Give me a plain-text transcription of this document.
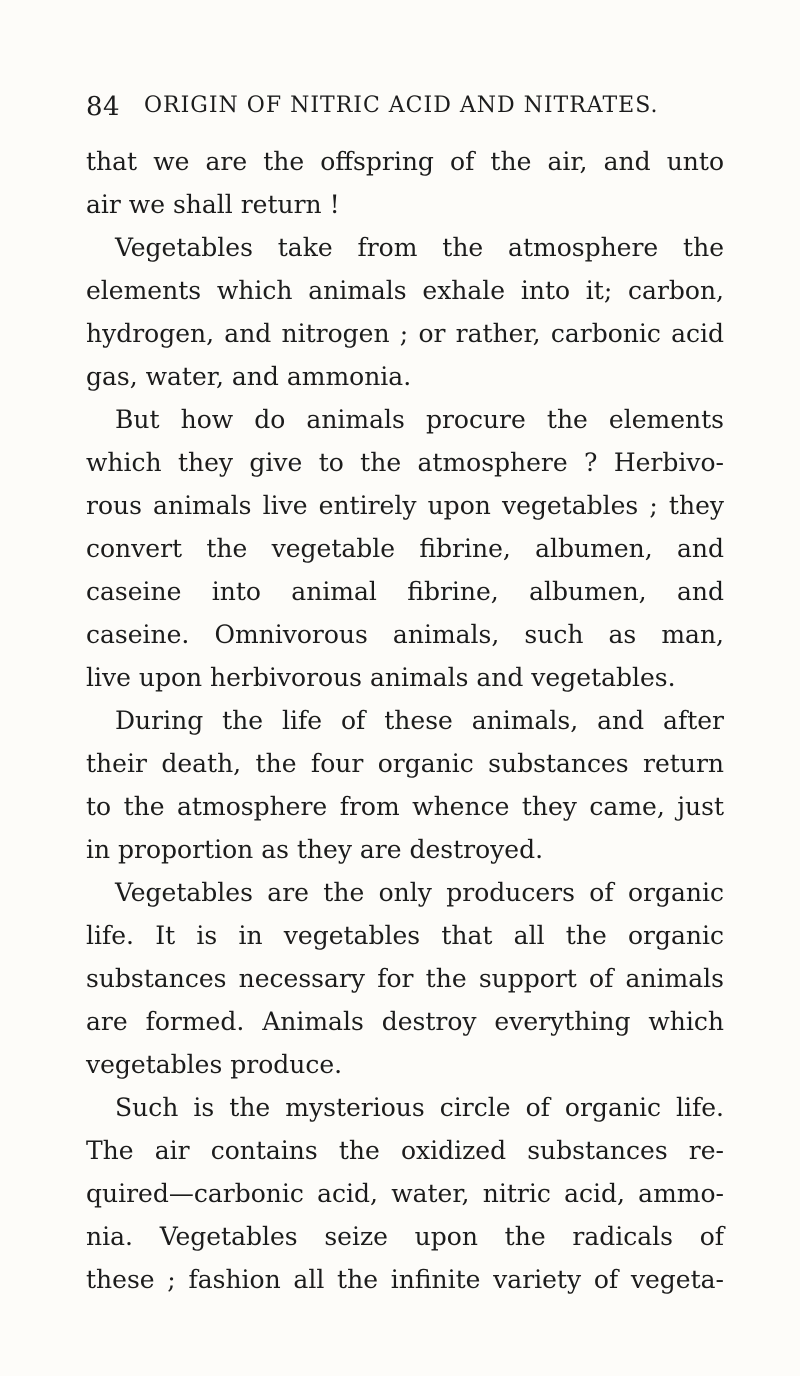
84 ORIGIN OF NITRIC ACID AND NITRATES.
that we are the offspring of the air, and unto
air we shall return !
Vegetables take from the atmosphere the
elements which animals exhale into it; carbon,
hydrogen, and nitrogen ; or rather, carbonic acid
gas, water, and ammonia.
But how do animals procure the elements
which they give to the atmosphere ? Herbivo-
rous animals live entirely upon vegetables ; they
convert the vegetable fibrine, albumen, and
caseine into animal fibrine, albumen, and
caseine. Omnivorous animals, such as man,
live upon herbivorous animals and vegetables.
During the life of these animals, and after
their death, the four organic substances return
to the atmosphere from whence they came, just
in proportion as they are destroyed.
Vegetables are the only producers of organic
life. It is in vegetables that all the organic
substances necessary for the support of animals
are formed. Animals destroy everything which
vegetables produce.
Such is the mysterious circle of organic life.
The air contains the oxidized substances re-
quired—carbonic acid, water, nitric acid, ammo-
nia. Vegetables seize upon the radicals of
these ; fashion all the infinite variety of vegeta-
